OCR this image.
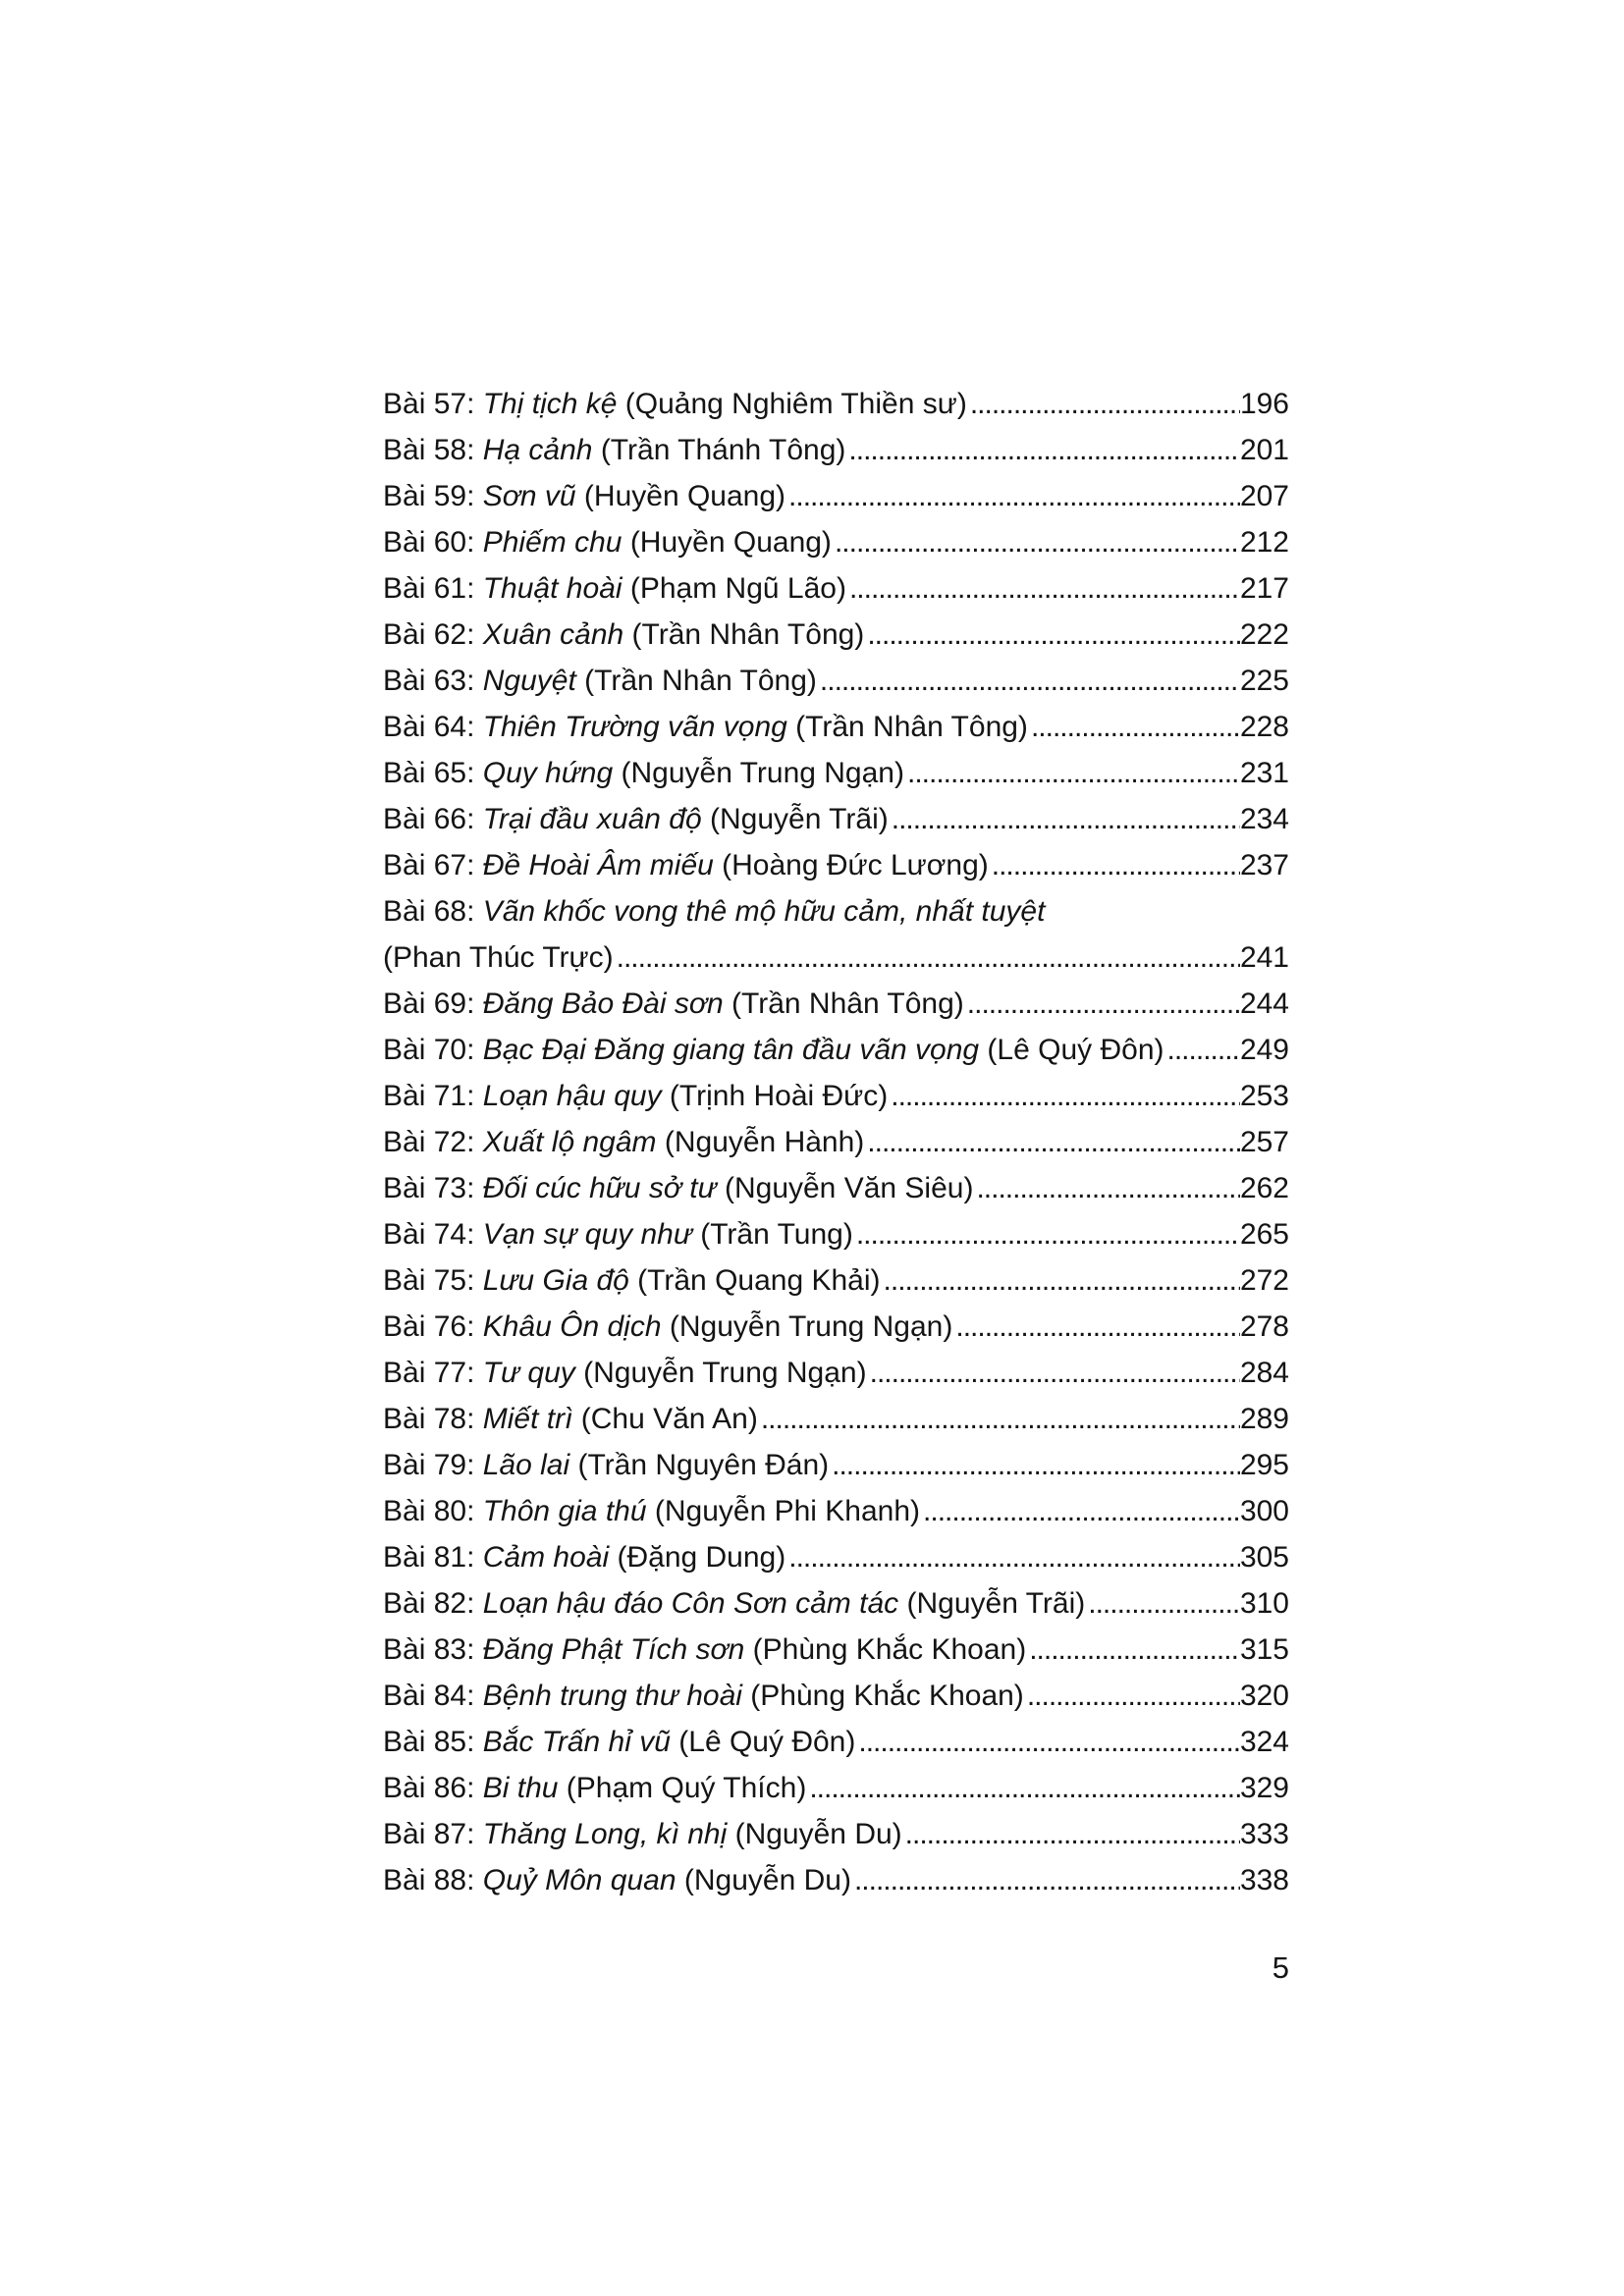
Bài 57: Thị tịch kệ (Quảng Nghiêm Thiền sư) .....	196
Bài 58: Hạ cảnh (Trần Thánh Tông) .....	201
Bài 59: Sơn vũ (Huyền Quang) .....	207
Bài 60: Phiếm chu (Huyền Quang) .....	212
Bài 61: Thuật hoài (Phạm Ngũ Lão) .....	217
Bài 62: Xuân cảnh (Trần Nhân Tông) .....	222
Bài 63: Nguyệt (Trần Nhân Tông) .....	225
Bài 64: Thiên Trường vãn vọng (Trần Nhân Tông) .....	228
Bài 65: Quy hứng (Nguyễn Trung Ngạn) .....	231
Bài 66: Trại đầu xuân độ (Nguyễn Trãi) .....	234
Bài 67: Đề Hoài Âm miếu (Hoàng Đức Lương) .....	237
Bài 68: Vãn khốc vong thê mộ hữu cảm, nhất tuyệt
(Phan Thúc Trực) .....	241
Bài 69: Đăng Bảo Đài sơn (Trần Nhân Tông) .....	244
Bài 70: Bạc Đại Đăng giang tân đầu vãn vọng (Lê Quý Đôn) .....	249
Bài 71: Loạn hậu quy (Trịnh Hoài Đức) .....	253
Bài 72: Xuất lộ ngâm (Nguyễn Hành) .....	257
Bài 73: Đối cúc hữu sở tư (Nguyễn Văn Siêu) .....	262
Bài 74: Vạn sự quy như (Trần Tung) .....	265
Bài 75: Lưu Gia độ (Trần Quang Khải) .....	272
Bài 76: Khâu Ôn dịch (Nguyễn Trung Ngạn) .....	278
Bài 77: Tư quy (Nguyễn Trung Ngạn) .....	284
Bài 78: Miết trì (Chu Văn An) .....	289
Bài 79: Lão lai (Trần Nguyên Đán) .....	295
Bài 80: Thôn gia thú (Nguyễn Phi Khanh) .....	300
Bài 81: Cảm hoài (Đặng Dung) .....	305
Bài 82: Loạn hậu đáo Côn Sơn cảm tác (Nguyễn Trãi) .....	310
Bài 83: Đăng Phật Tích sơn (Phùng Khắc Khoan) .....	315
Bài 84: Bệnh trung thư hoài (Phùng Khắc Khoan) .....	320
Bài 85: Bắc Trấn hỉ vũ (Lê Quý Đôn) .....	324
Bài 86: Bi thu (Phạm Quý Thích) .....	329
Bài 87: Thăng Long, kì nhị (Nguyễn Du) .....	333
Bài 88: Quỷ Môn quan (Nguyễn Du) .....	338
5
